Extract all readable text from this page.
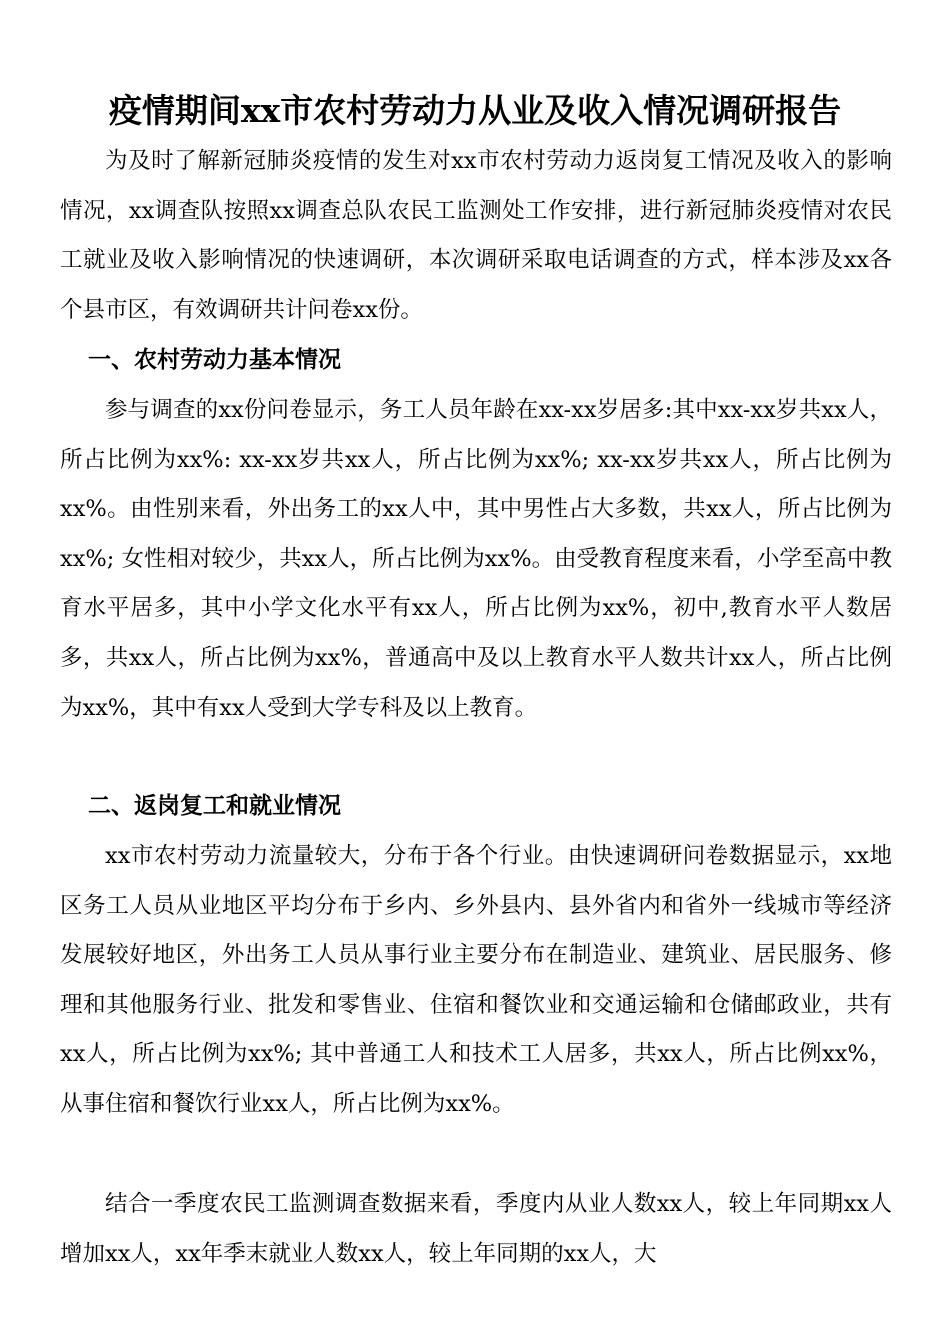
疫情期间xx市农村劳动力从业及收入情况调研报告

为及时了解新冠肺炎疫情的发生对xx市农村劳动力返岗复工情况及收入的影响情况，xx调查队按照xx调查总队农民工监测处工作安排，进行新冠肺炎疫情对农民工就业及收入影响情况的快速调研，本次调研采取电话调查的方式，样本涉及xx各个县市区，有效调研共计问卷xx份。

一、农村劳动力基本情况

参与调查的xx份问卷显示，务工人员年龄在xx-xx岁居多:其中xx-xx岁共xx人，所占比例为xx%: xx-xx岁共xx人，所占比例为xx%; xx-xx岁共xx人，所占比例为xx%。由性别来看，外出务工的xx人中，其中男性占大多数，共xx人，所占比例为xx%; 女性相对较少，共xx人，所占比例为xx%。由受教育程度来看，小学至高中教育水平居多，其中小学文化水平有xx人，所占比例为xx%，初中,教育水平人数居多，共xx人，所占比例为xx%，普通高中及以上教育水平人数共计xx人，所占比例为xx%，其中有xx人受到大学专科及以上教育。

二、返岗复工和就业情况

xx市农村劳动力流量较大，分布于各个行业。由快速调研问卷数据显示，xx地区务工人员从业地区平均分布于乡内、乡外县内、县外省内和省外一线城市等经济发展较好地区，外出务工人员从事行业主要分布在制造业、建筑业、居民服务、修理和其他服务行业、批发和零售业、住宿和餐饮业和交通运输和仓储邮政业，共有xx人，所占比例为xx%; 其中普通工人和技术工人居多，共xx人，所占比例xx%，从事住宿和餐饮行业xx人，所占比例为xx%。

结合一季度农民工监测调查数据来看，季度内从业人数xx人，较上年同期xx人增加xx人，xx年季末就业人数xx人，较上年同期的xx人，大
